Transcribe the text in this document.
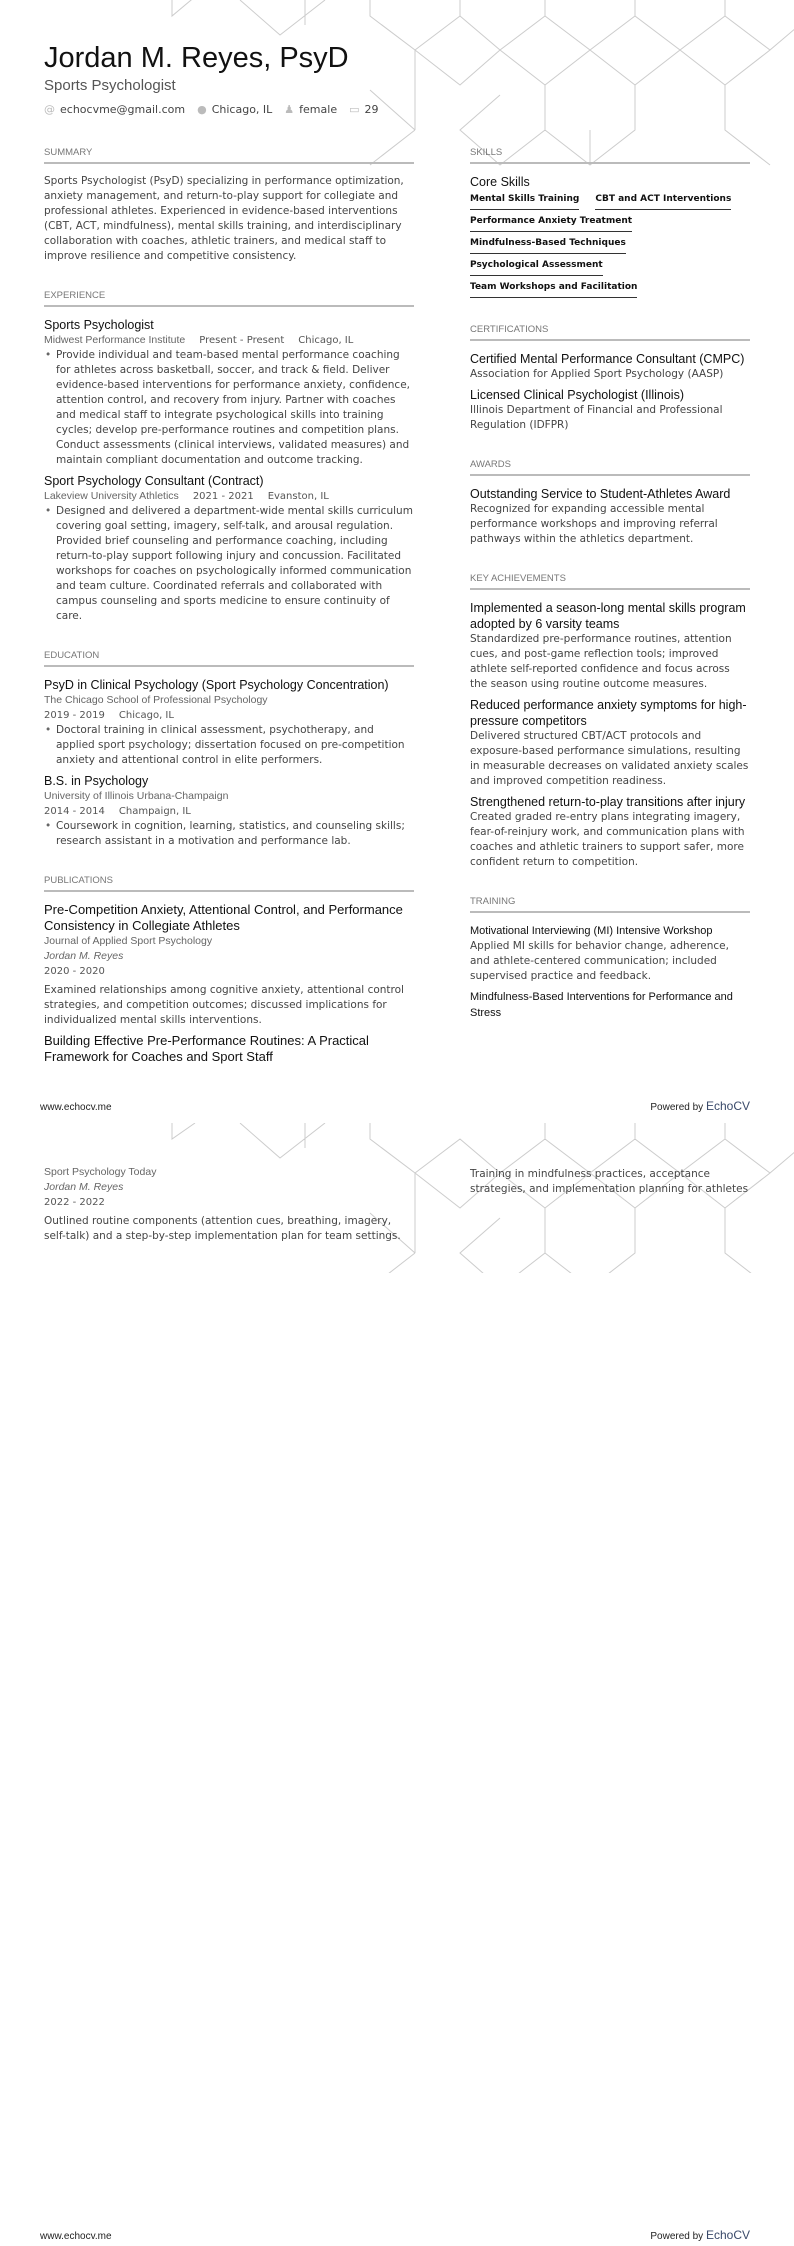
Jordan M. Reyes, PsyD
Sports Psychologist
@ echocvme@gmail.com ● Chicago, IL ♟ female ▭ 29
SUMMARY
Sports Psychologist (PsyD) specializing in performance optimization, anxiety management, and return-to-play support for collegiate and professional athletes. Experienced in evidence-based interventions (CBT, ACT, mindfulness), mental skills training, and interdisciplinary collaboration with coaches, athletic trainers, and medical staff to improve resilience and competitive consistency.
EXPERIENCE
Sports Psychologist
Midwest Performance Institute Present - Present Chicago, IL
• Provide individual and team-based mental performance coaching for athletes across basketball, soccer, and track & field. Deliver evidence-based interventions for performance anxiety, confidence, attention control, and recovery from injury. Partner with coaches and medical staff to integrate psychological skills into training cycles; develop pre-performance routines and competition plans. Conduct assessments (clinical interviews, validated measures) and maintain compliant documentation and outcome tracking.
Sport Psychology Consultant (Contract)
Lakeview University Athletics 2021 - 2021 Evanston, IL
• Designed and delivered a department-wide mental skills curriculum covering goal setting, imagery, self-talk, and arousal regulation. Provided brief counseling and performance coaching, including return-to-play support following injury and concussion. Facilitated workshops for coaches on psychologically informed communication and team culture. Coordinated referrals and collaborated with campus counseling and sports medicine to ensure continuity of care.
EDUCATION
PsyD in Clinical Psychology (Sport Psychology Concentration)
The Chicago School of Professional Psychology
2019 - 2019 Chicago, IL
• Doctoral training in clinical assessment, psychotherapy, and applied sport psychology; dissertation focused on pre-competition anxiety and attentional control in elite performers.
B.S. in Psychology
University of Illinois Urbana-Champaign
2014 - 2014 Champaign, IL
• Coursework in cognition, learning, statistics, and counseling skills; research assistant in a motivation and performance lab.
PUBLICATIONS
Pre-Competition Anxiety, Attentional Control, and Performance Consistency in Collegiate Athletes
Journal of Applied Sport Psychology
Jordan M. Reyes
2020 - 2020
Examined relationships among cognitive anxiety, attentional control strategies, and competition outcomes; discussed implications for individualized mental skills interventions.
Building Effective Pre-Performance Routines: A Practical Framework for Coaches and Sport Staff
SKILLS
Core Skills
Mental Skills Training CBT and ACT Interventions
Performance Anxiety Treatment
Mindfulness-Based Techniques
Psychological Assessment
Team Workshops and Facilitation
CERTIFICATIONS
Certified Mental Performance Consultant (CMPC)
Association for Applied Sport Psychology (AASP)
Licensed Clinical Psychologist (Illinois)
Illinois Department of Financial and Professional Regulation (IDFPR)
AWARDS
Outstanding Service to Student-Athletes Award
Recognized for expanding accessible mental performance workshops and improving referral pathways within the athletics department.
KEY ACHIEVEMENTS
Implemented a season-long mental skills program adopted by 6 varsity teams
Standardized pre-performance routines, attention cues, and post-game reflection tools; improved athlete self-reported confidence and focus across the season using routine outcome measures.
Reduced performance anxiety symptoms for high-pressure competitors
Delivered structured CBT/ACT protocols and exposure-based performance simulations, resulting in measurable decreases on validated anxiety scales and improved competition readiness.
Strengthened return-to-play transitions after injury
Created graded re-entry plans integrating imagery, fear-of-reinjury work, and communication plans with coaches and athletic trainers to support safer, more confident return to competition.
TRAINING
Motivational Interviewing (MI) Intensive Workshop
Applied MI skills for behavior change, adherence, and athlete-centered communication; included supervised practice and feedback.
Mindfulness-Based Interventions for Performance and Stress
www.echocv.me	Powered by EchoCV
Sport Psychology Today
Jordan M. Reyes
2022 - 2022
Outlined routine components (attention cues, breathing, imagery, self-talk) and a step-by-step implementation plan for team settings.
Training in mindfulness practices, acceptance strategies, and implementation planning for athletes
www.echocv.me	Powered by EchoCV
